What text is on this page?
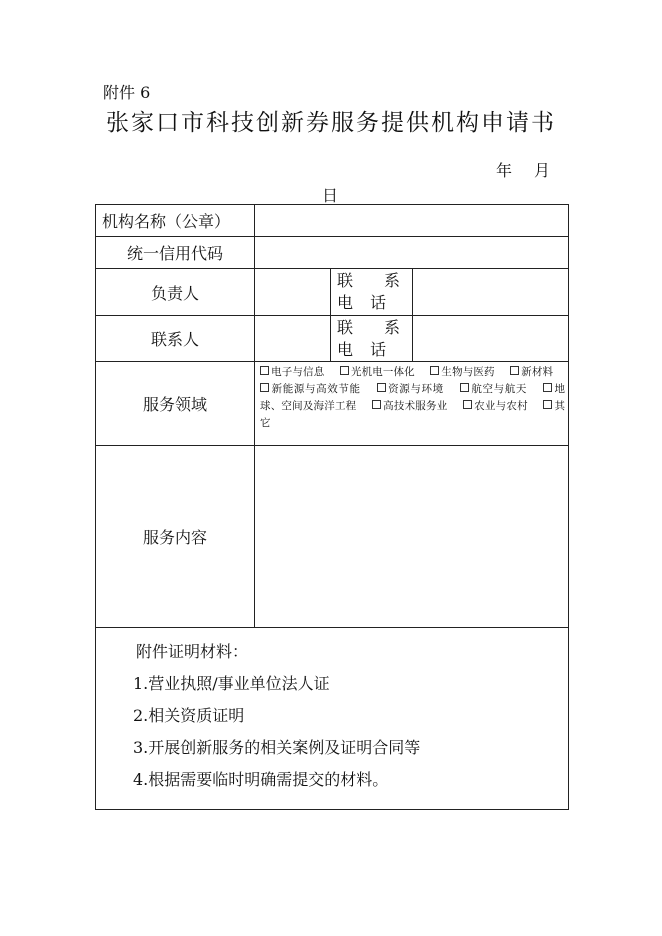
附件 6
张家口市科技创新券服务提供机构申请书
年 月
日
机构名称（公章）			
统一信用代码			
负责人		联 系 电 话	
联系人		联 系 电 话	
服务领域	电子与信息 光机电一体化 生物与医药 新材料 新能源与高效节能 资源与环境 航空与航天 地球、空间及海洋工程 高技术服务业 农业与农村 其它		

服务内容			

附件证明材料：
1.营业执照/事业单位法人证
2.相关资质证明
3.开展创新服务的相关案例及证明合同等
4.根据需要临时明确需提交的材料。			
